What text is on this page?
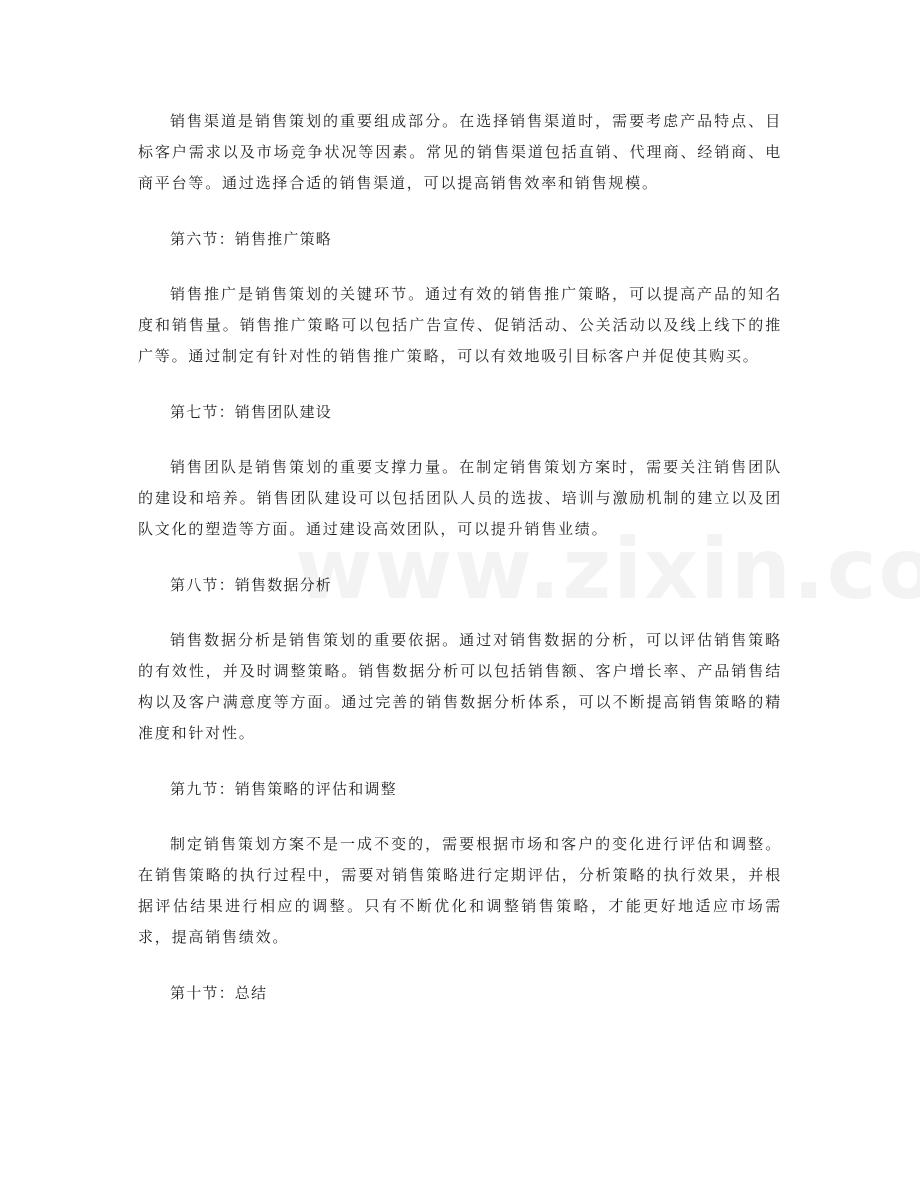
销售渠道是销售策划的重要组成部分。在选择销售渠道时，需要考虑产品特点、目标客户需求以及市场竞争状况等因素。常见的销售渠道包括直销、代理商、经销商、电商平台等。通过选择合适的销售渠道，可以提高销售效率和销售规模。

第六节：销售推广策略

销售推广是销售策划的关键环节。通过有效的销售推广策略，可以提高产品的知名度和销售量。销售推广策略可以包括广告宣传、促销活动、公关活动以及线上线下的推广等。通过制定有针对性的销售推广策略，可以有效地吸引目标客户并促使其购买。

第七节：销售团队建设

销售团队是销售策划的重要支撑力量。在制定销售策划方案时，需要关注销售团队的建设和培养。销售团队建设可以包括团队人员的选拔、培训与激励机制的建立以及团队文化的塑造等方面。通过建设高效团队，可以提升销售业绩。

第八节：销售数据分析

销售数据分析是销售策划的重要依据。通过对销售数据的分析，可以评估销售策略的有效性，并及时调整策略。销售数据分析可以包括销售额、客户增长率、产品销售结构以及客户满意度等方面。通过完善的销售数据分析体系，可以不断提高销售策略的精准度和针对性。

第九节：销售策略的评估和调整

制定销售策划方案不是一成不变的，需要根据市场和客户的变化进行评估和调整。在销售策略的执行过程中，需要对销售策略进行定期评估，分析策略的执行效果，并根据评估结果进行相应的调整。只有不断优化和调整销售策略，才能更好地适应市场需求，提高销售绩效。

第十节：总结
